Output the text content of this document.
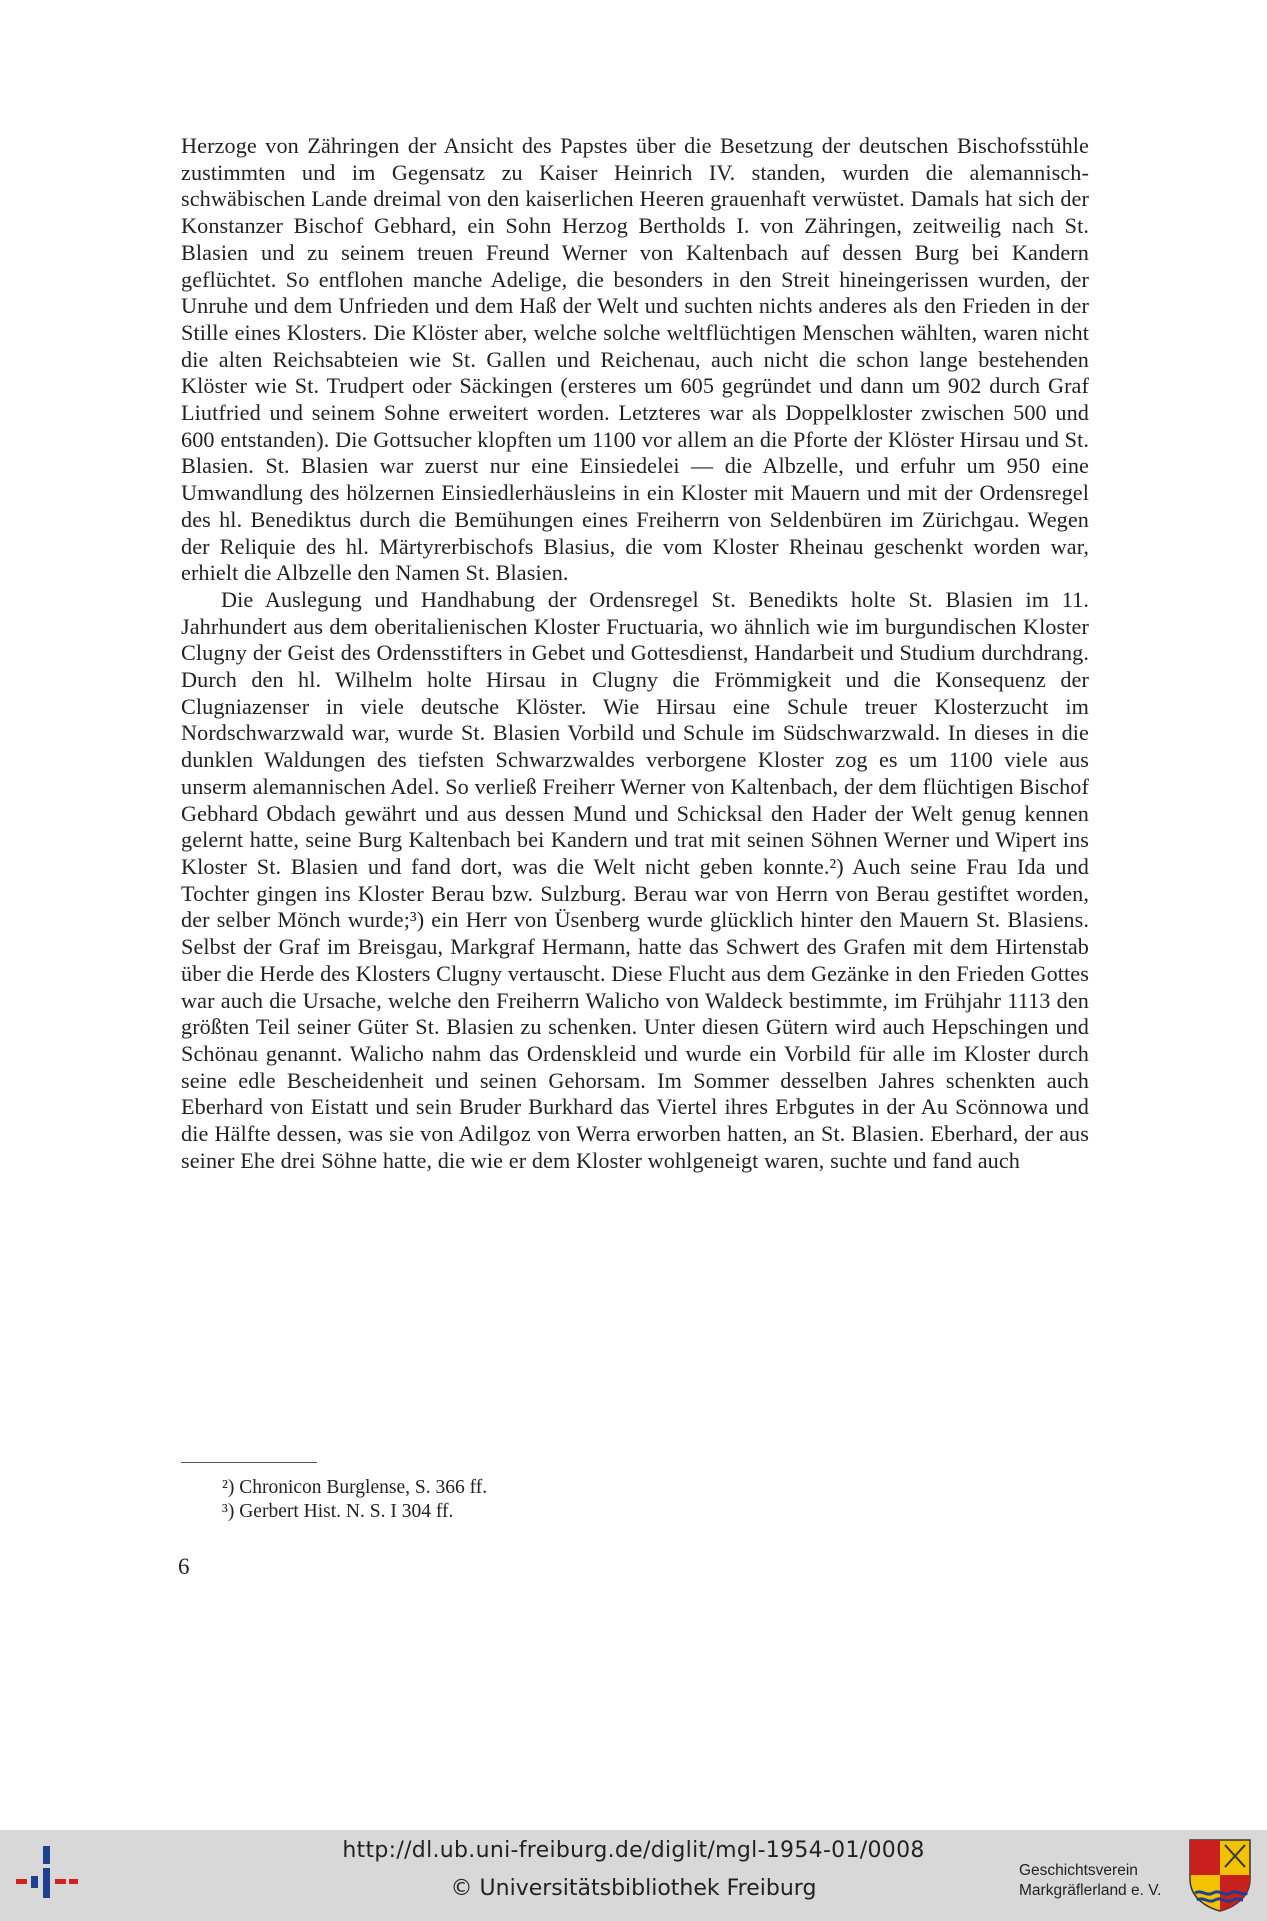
Herzoge von Zähringen der Ansicht des Papstes über die Besetzung der deutschen Bischofsstühle zustimmten und im Gegensatz zu Kaiser Heinrich IV. standen, wurden die alemannisch-schwäbischen Lande dreimal von den kaiserlichen Heeren grauenhaft verwüstet. Damals hat sich der Konstanzer Bischof Gebhard, ein Sohn Herzog Bertholds I. von Zähringen, zeitweilig nach St. Blasien und zu seinem treuen Freund Werner von Kaltenbach auf dessen Burg bei Kandern geflüchtet. So entflohen manche Adelige, die besonders in den Streit hineingerissen wurden, der Unruhe und dem Unfrieden und dem Haß der Welt und suchten nichts anderes als den Frieden in der Stille eines Klosters. Die Klöster aber, welche solche weltflüchtigen Menschen wählten, waren nicht die alten Reichsabteien wie St. Gallen und Reichenau, auch nicht die schon lange bestehenden Klöster wie St. Trudpert oder Säckingen (ersteres um 605 gegründet und dann um 902 durch Graf Liutfried und seinem Sohne erweitert worden. Letzteres war als Doppelkloster zwischen 500 und 600 entstanden). Die Gottsucher klopften um 1100 vor allem an die Pforte der Klöster Hirsau und St. Blasien. St. Blasien war zuerst nur eine Einsiedelei — die Albzelle, und erfuhr um 950 eine Umwandlung des hölzernen Einsiedlerhäusleins in ein Kloster mit Mauern und mit der Ordensregel des hl. Benediktus durch die Bemühungen eines Freiherrn von Seldenbüren im Zürichgau. Wegen der Reliquie des hl. Märtyrerbischofs Blasius, die vom Kloster Rheinau geschenkt worden war, erhielt die Albzelle den Namen St. Blasien.

Die Auslegung und Handhabung der Ordensregel St. Benedikts holte St. Blasien im 11. Jahrhundert aus dem oberitalienischen Kloster Fructuaria, wo ähnlich wie im burgundischen Kloster Clugny der Geist des Ordensstifters in Gebet und Gottesdienst, Handarbeit und Studium durchdrang. Durch den hl. Wilhelm holte Hirsau in Clugny die Frömmigkeit und die Konsequenz der Clugniazenser in viele deutsche Klöster. Wie Hirsau eine Schule treuer Klosterzucht im Nordschwarzwald war, wurde St. Blasien Vorbild und Schule im Südschwarzwald. In dieses in die dunklen Waldungen des tiefsten Schwarzwaldes verborgene Kloster zog es um 1100 viele aus unserm alemannischen Adel. So verließ Freiherr Werner von Kaltenbach, der dem flüchtigen Bischof Gebhard Obdach gewährt und aus dessen Mund und Schicksal den Hader der Welt genug kennen gelernt hatte, seine Burg Kaltenbach bei Kandern und trat mit seinen Söhnen Werner und Wipert ins Kloster St. Blasien und fand dort, was die Welt nicht geben konnte.²) Auch seine Frau Ida und Tochter gingen ins Kloster Berau bzw. Sulzburg. Berau war von Herrn von Berau gestiftet worden, der selber Mönch wurde;³) ein Herr von Üsenberg wurde glücklich hinter den Mauern St. Blasiens. Selbst der Graf im Breisgau, Markgraf Hermann, hatte das Schwert des Grafen mit dem Hirtenstab über die Herde des Klosters Clugny vertauscht. Diese Flucht aus dem Gezänke in den Frieden Gottes war auch die Ursache, welche den Freiherrn Walicho von Waldeck bestimmte, im Frühjahr 1113 den größten Teil seiner Güter St. Blasien zu schenken. Unter diesen Gütern wird auch Hepschingen und Schönau genannt. Walicho nahm das Ordenskleid und wurde ein Vorbild für alle im Kloster durch seine edle Bescheidenheit und seinen Gehorsam. Im Sommer desselben Jahres schenkten auch Eberhard von Eistatt und sein Bruder Burkhard das Viertel ihres Erbgutes in der Au Scönnowa und die Hälfte dessen, was sie von Adilgoz von Werra erworben hatten, an St. Blasien. Eberhard, der aus seiner Ehe drei Söhne hatte, die wie er dem Kloster wohlgeneigt waren, suchte und fand auch

²) Chronicon Burglense, S. 366 ff.
³) Gerbert Hist. N. S. I 304 ff.
6
http://dl.ub.uni-freiburg.de/diglit/mgl-1954-01/0008
© Universitätsbibliothek Freiburg
Geschichtsverein
Markgräflerland e. V.
